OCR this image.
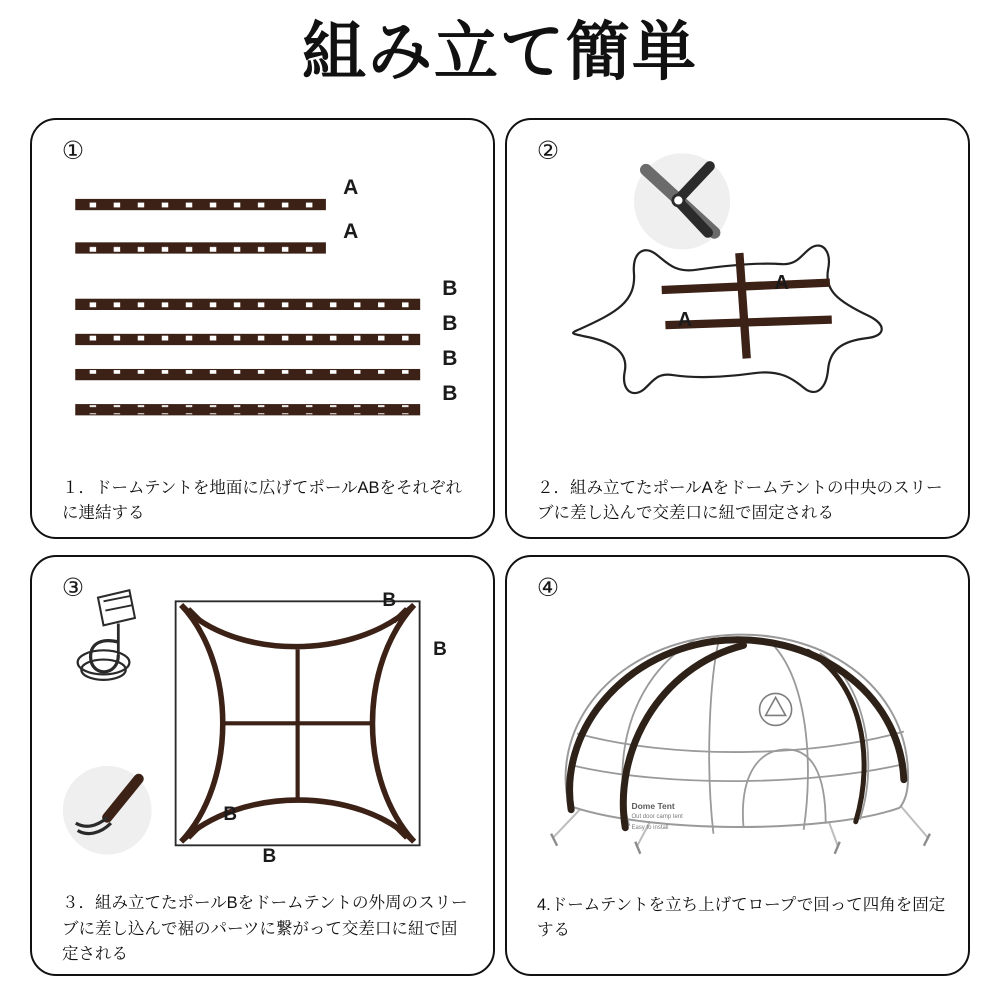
組み立て簡単
①
A
A
B
B
B
B
１．ドームテントを地面に広げてポールABをそれぞれに連結する
②
A
A
２．組み立てたポールAをドームテントの中央のスリーブに差し込んで交差口に紐で固定される
③	B
B
B
B
３．組み立てたポールBをドームテントの外周のスリーブに差し込んで裾のパーツに繋がって交差口に紐で固定される
④
Dome Tent
Out door camp tent
Easy to install
4.ドームテントを立ち上げてロープで回って四角を固定する
